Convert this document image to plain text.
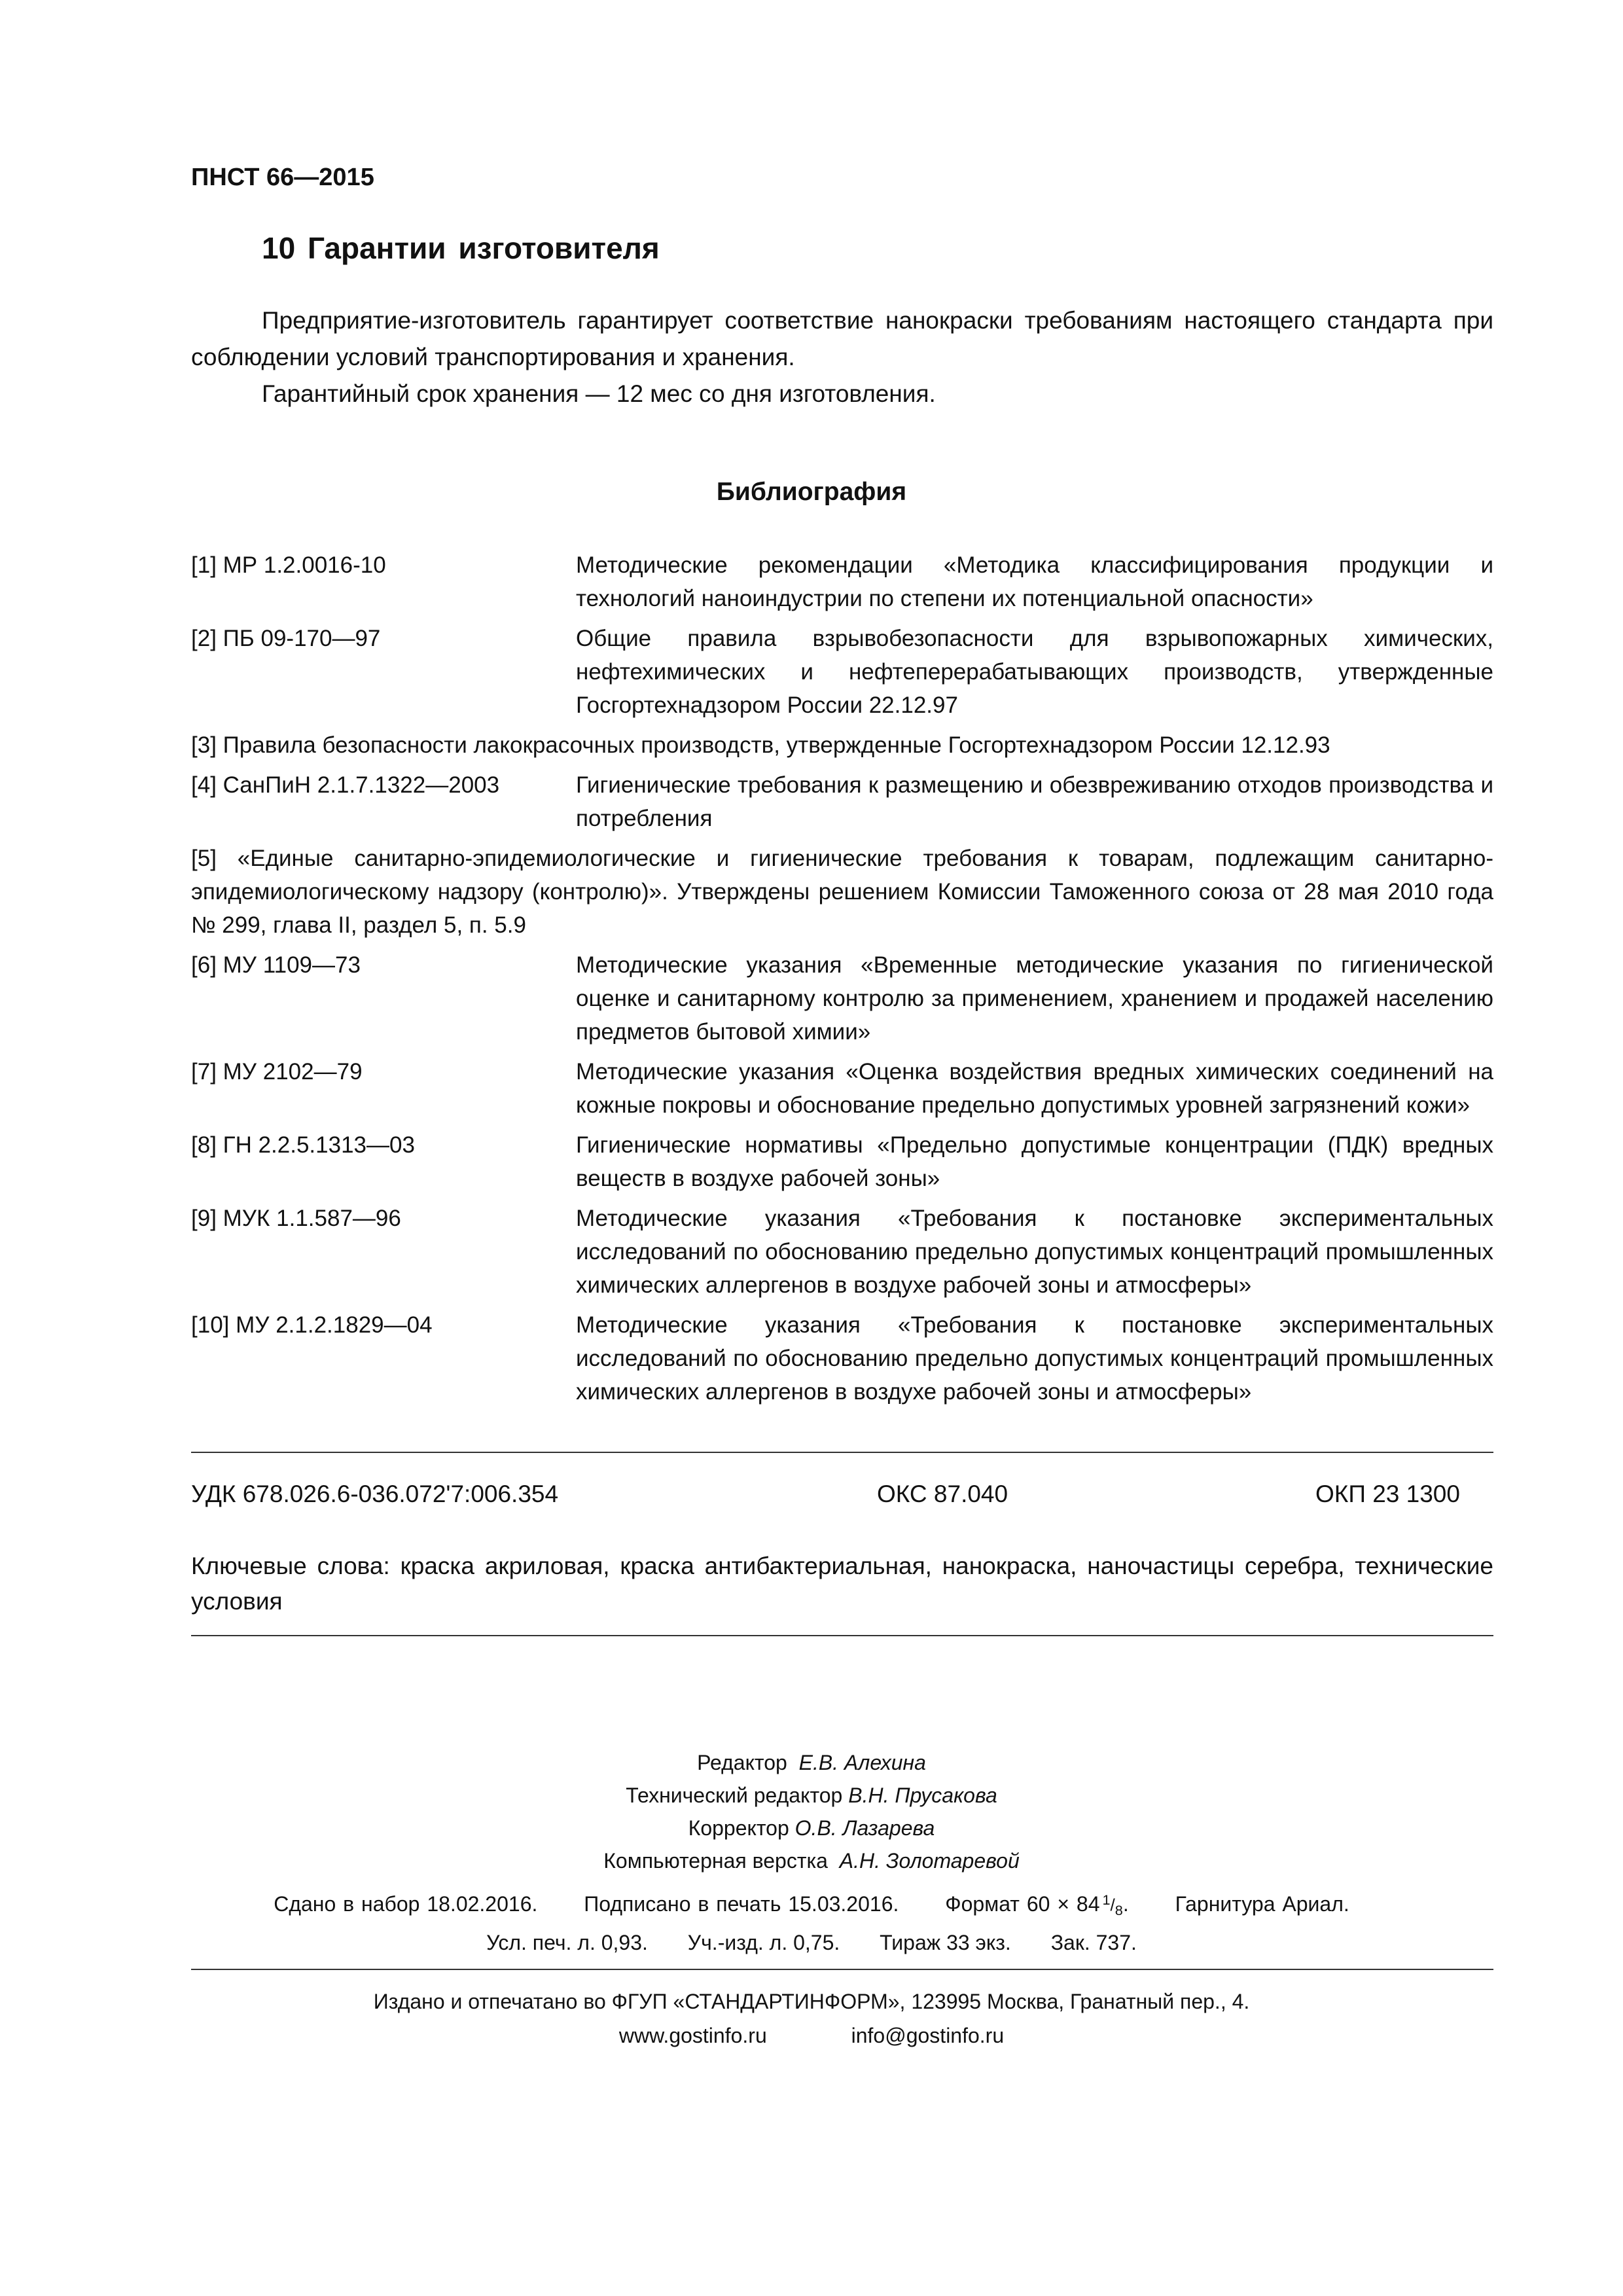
ПНСТ 66—2015
10 Гарантии изготовителя
Предприятие-изготовитель гарантирует соответствие нанокраски требованиям настоящего стандарта при соблюдении условий транспортирования и хранения.
Гарантийный срок хранения — 12 мес со дня изготовления.
Библиография
[1] МР 1.2.0016-10	Методические рекомендации «Методика классифицирования продукции и технологий наноиндустрии по степени их потенциальной опасности»
[2] ПБ 09-170—97	Общие правила взрывобезопасности для взрывопожарных химических, нефтехимических и нефтеперерабатывающих производств, утвержденные Госгортехнадзором России 22.12.97
[3] Правила безопасности лакокрасочных производств, утвержденные Госгортехнадзором России 12.12.93
[4] СанПиН 2.1.7.1322—2003	Гигиенические требования к размещению и обезвреживанию отходов производства и потребления
[5] «Единые санитарно-эпидемиологические и гигиенические требования к товарам, подлежащим санитарно-эпидемиологическому надзору (контролю)». Утверждены решением Комиссии Таможенного союза от 28 мая 2010 года № 299, глава II, раздел 5, п. 5.9
[6] МУ 1109—73	Методические указания «Временные методические указания по гигиенической оценке и санитарному контролю за применением, хранением и продажей населению предметов бытовой химии»
[7] МУ 2102—79	Методические указания «Оценка воздействия вредных химических соединений на кожные покровы и обоснование предельно допустимых уровней загрязнений кожи»
[8] ГН 2.2.5.1313—03	Гигиенические нормативы «Предельно допустимые концентрации (ПДК) вредных веществ в воздухе рабочей зоны»
[9] МУК 1.1.587—96	Методические указания «Требования к постановке экспериментальных исследований по обоснованию предельно допустимых концентраций промышленных химических аллергенов в воздухе рабочей зоны и атмосферы»
[10] МУ 2.1.2.1829—04	Методические указания «Требования к постановке экспериментальных исследований по обоснованию предельно допустимых концентраций промышленных химических аллергенов в воздухе рабочей зоны и атмосферы»
УДК 678.026.6-036.072'7:006.354	ОКС 87.040	ОКП 23 1300
Ключевые слова: краска акриловая, краска антибактериальная, нанокраска, наночастицы серебра, технические условия
Редактор Е.В. Алехина
Технический редактор В.Н. Прусакова
Корректор О.В. Лазарева
Компьютерная верстка А.Н. Золотаревой
Сдано в набор 18.02.2016. Подписано в печать 15.03.2016. Формат 60 × 84 $^1/_8$. Гарнитура Ариал.
Усл. печ. л. 0,93. Уч.-изд. л. 0,75. Тираж 33 экз. Зак. 737.
Издано и отпечатано во ФГУП «СТАНДАРТИНФОРМ», 123995 Москва, Гранатный пер., 4.
www.gostinfo.ru	info@gostinfo.ru
